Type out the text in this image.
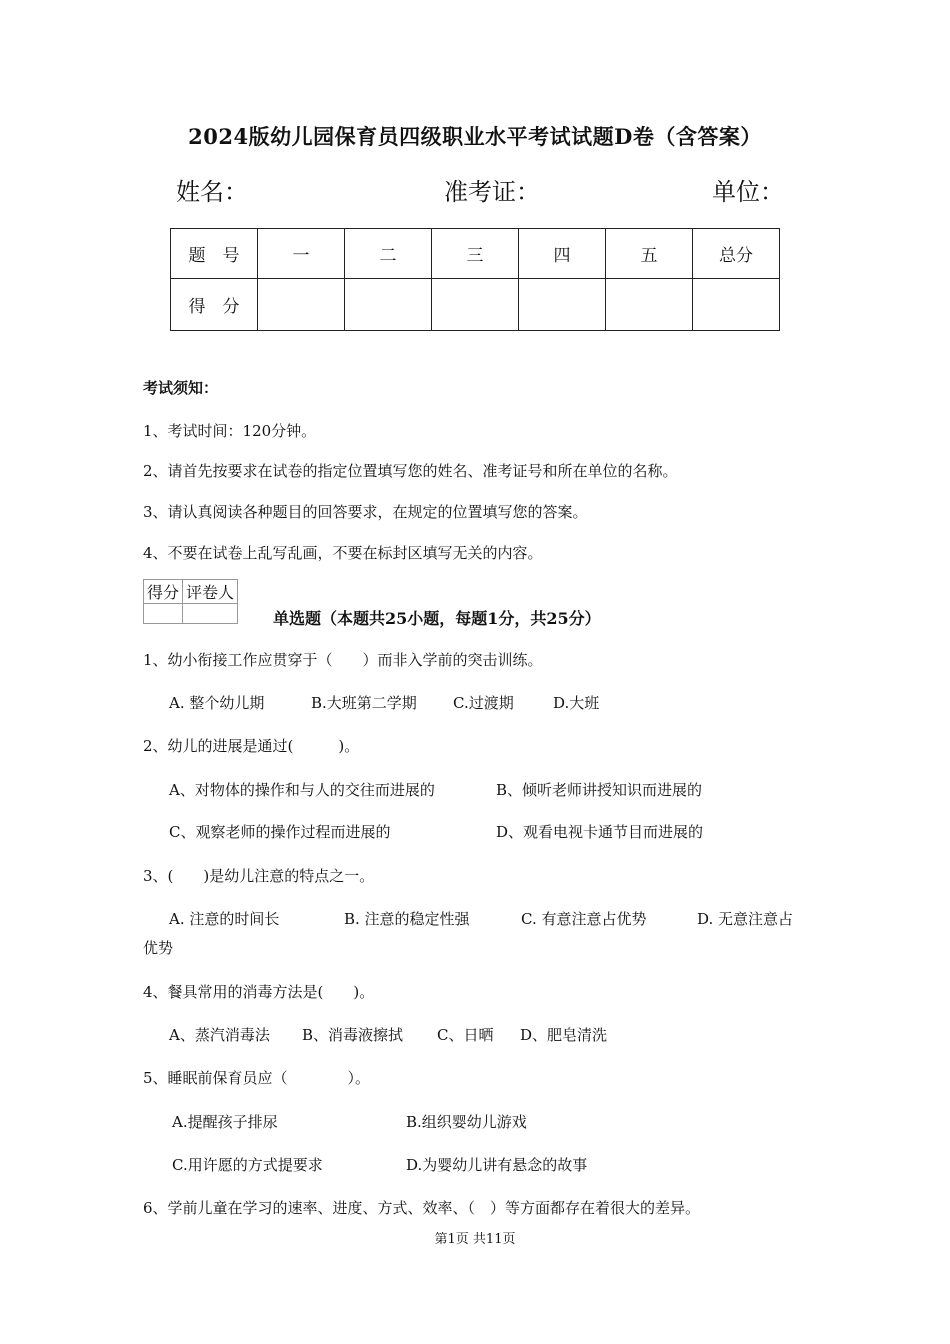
2024版幼儿园保育员四级职业水平考试试题D卷（含答案）
姓名：	准考证：	单位：
题　号	一	二	三	四	五	总分
得　分						
考试须知：
1、考试时间：120分钟。
2、请首先按要求在试卷的指定位置填写您的姓名、准考证号和所在单位的名称。
3、请认真阅读各种题目的回答要求，在规定的位置填写您的答案。
4、不要在试卷上乱写乱画，不要在标封区填写无关的内容。
得分	评卷人

单选题（本题共25小题，每题1分，共25分）
1、幼小衔接工作应贯穿于（　　）而非入学前的突击训练。
A. 整个幼儿期	B.大班第二学期 C.过渡期	D.大班
2、幼儿的进展是通过(　　　)。
A、对物体的操作和与人的交往而进展的	B、倾听老师讲授知识而进展的
C、观察老师的操作过程而进展的	D、观看电视卡通节目而进展的
3、(　　)是幼儿注意的特点之一。
A. 注意的时间长	B. 注意的稳定性强	C. 有意注意占优势	D. 无意注意占
优势
4、餐具常用的消毒方法是(　　)。
A、蒸汽消毒法 B、消毒液擦拭 C、日晒 D、肥皂清洗
5、睡眠前保育员应（　　　　）。
A.提醒孩子排尿	B.组织婴幼儿游戏
C.用许愿的方式提要求	D.为婴幼儿讲有悬念的故事
6、学前儿童在学习的速率、进度、方式、效率、（　）等方面都存在着很大的差异。
第1页 共11页
